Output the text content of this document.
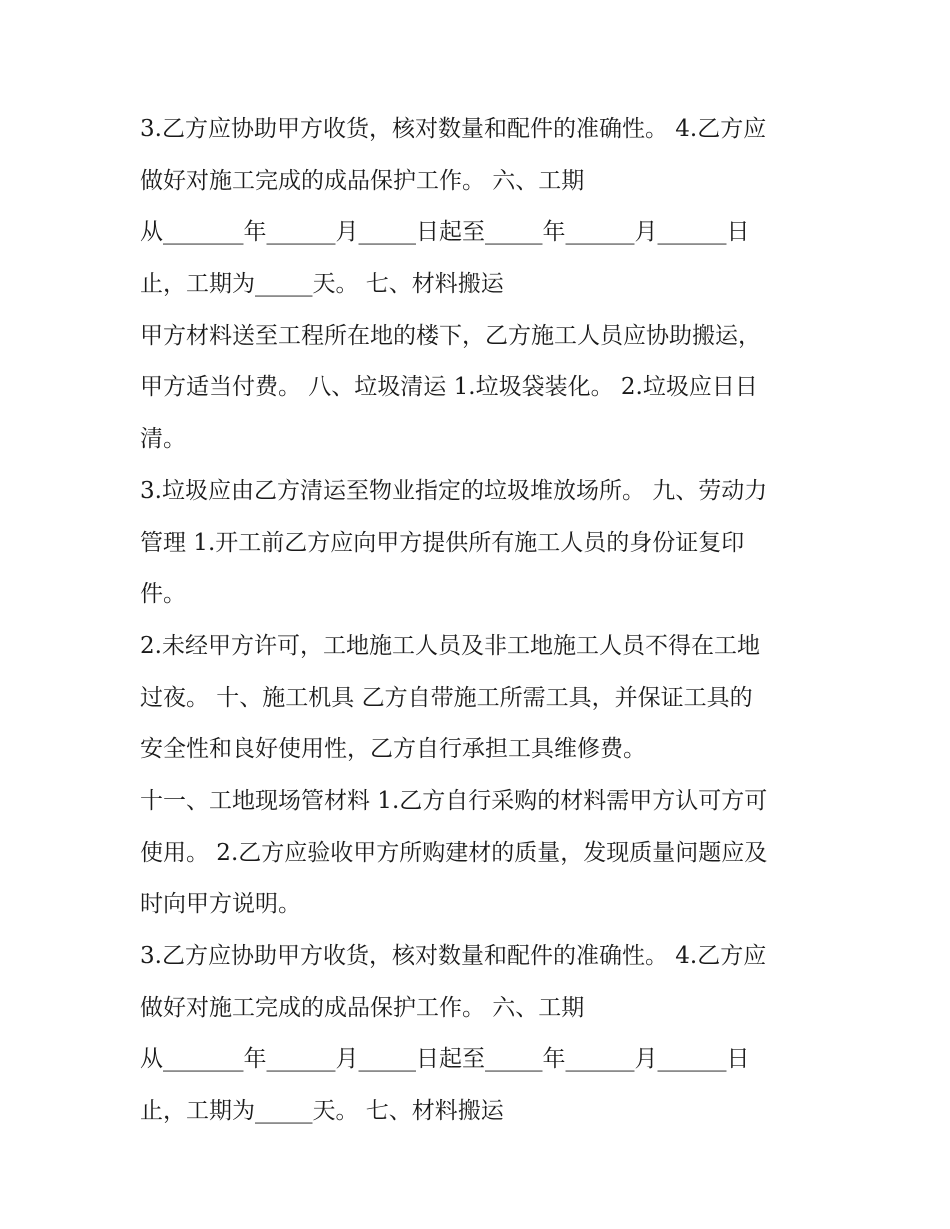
3.乙方应协助甲方收货，核对数量和配件的准确性。 4.乙方应
做好对施工完成的成品保护工作。 六、工期
从_______年______月_____日起至_____年______月______日
止，工期为_____天。 七、材料搬运
甲方材料送至工程所在地的楼下，乙方施工人员应协助搬运，
甲方适当付费。 八、垃圾清运 1.垃圾袋装化。 2.垃圾应日日
清。
3.垃圾应由乙方清运至物业指定的垃圾堆放场所。 九、劳动力
管理 1.开工前乙方应向甲方提供所有施工人员的身份证复印
件。
2.未经甲方许可，工地施工人员及非工地施工人员不得在工地
过夜。 十、施工机具 乙方自带施工所需工具，并保证工具的
安全性和良好使用性，乙方自行承担工具维修费。
十一、工地现场管材料 1.乙方自行采购的材料需甲方认可方可
使用。 2.乙方应验收甲方所购建材的质量，发现质量问题应及
时向甲方说明。
3.乙方应协助甲方收货，核对数量和配件的准确性。 4.乙方应
做好对施工完成的成品保护工作。 六、工期
从_______年______月_____日起至_____年______月______日
止，工期为_____天。 七、材料搬运
